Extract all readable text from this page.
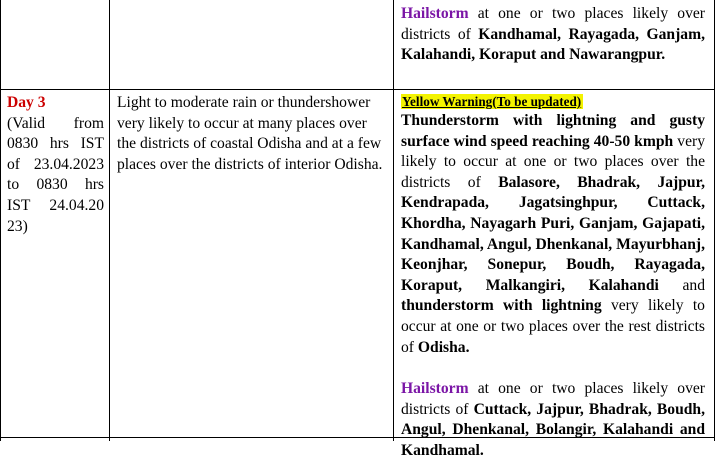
Hailstorm at one or two places likely over districts of Kandhamal, Rayagada, Ganjam, Kalahandi, Koraput and Nawarangpur.
Day 3
(Valid from 0830 hrs IST of 23.04.2023 to 0830 hrs IST 24.04.20 23)
Light to moderate rain or thundershower very likely to occur at many places over the districts of coastal Odisha and at a few places over the districts of interior Odisha.
Yellow Warning(To be updated)
Thunderstorm with lightning and gusty surface wind speed reaching 40-50 kmph very likely to occur at one or two places over the districts of Balasore, Bhadrak, Jajpur, Kendrapada, Jagatsinghpur, Cuttack, Khordha, Nayagarh Puri, Ganjam, Gajapati, Kandhamal, Angul, Dhenkanal, Mayurbhanj, Keonjhar, Sonepur, Boudh, Rayagada, Koraput, Malkangiri, Kalahandi and thunderstorm with lightning very likely to occur at one or two places over the rest districts of Odisha.
Hailstorm at one or two places likely over districts of Cuttack, Jajpur, Bhadrak, Boudh, Angul, Dhenkanal, Bolangir, Kalahandi and Kandhamal.
